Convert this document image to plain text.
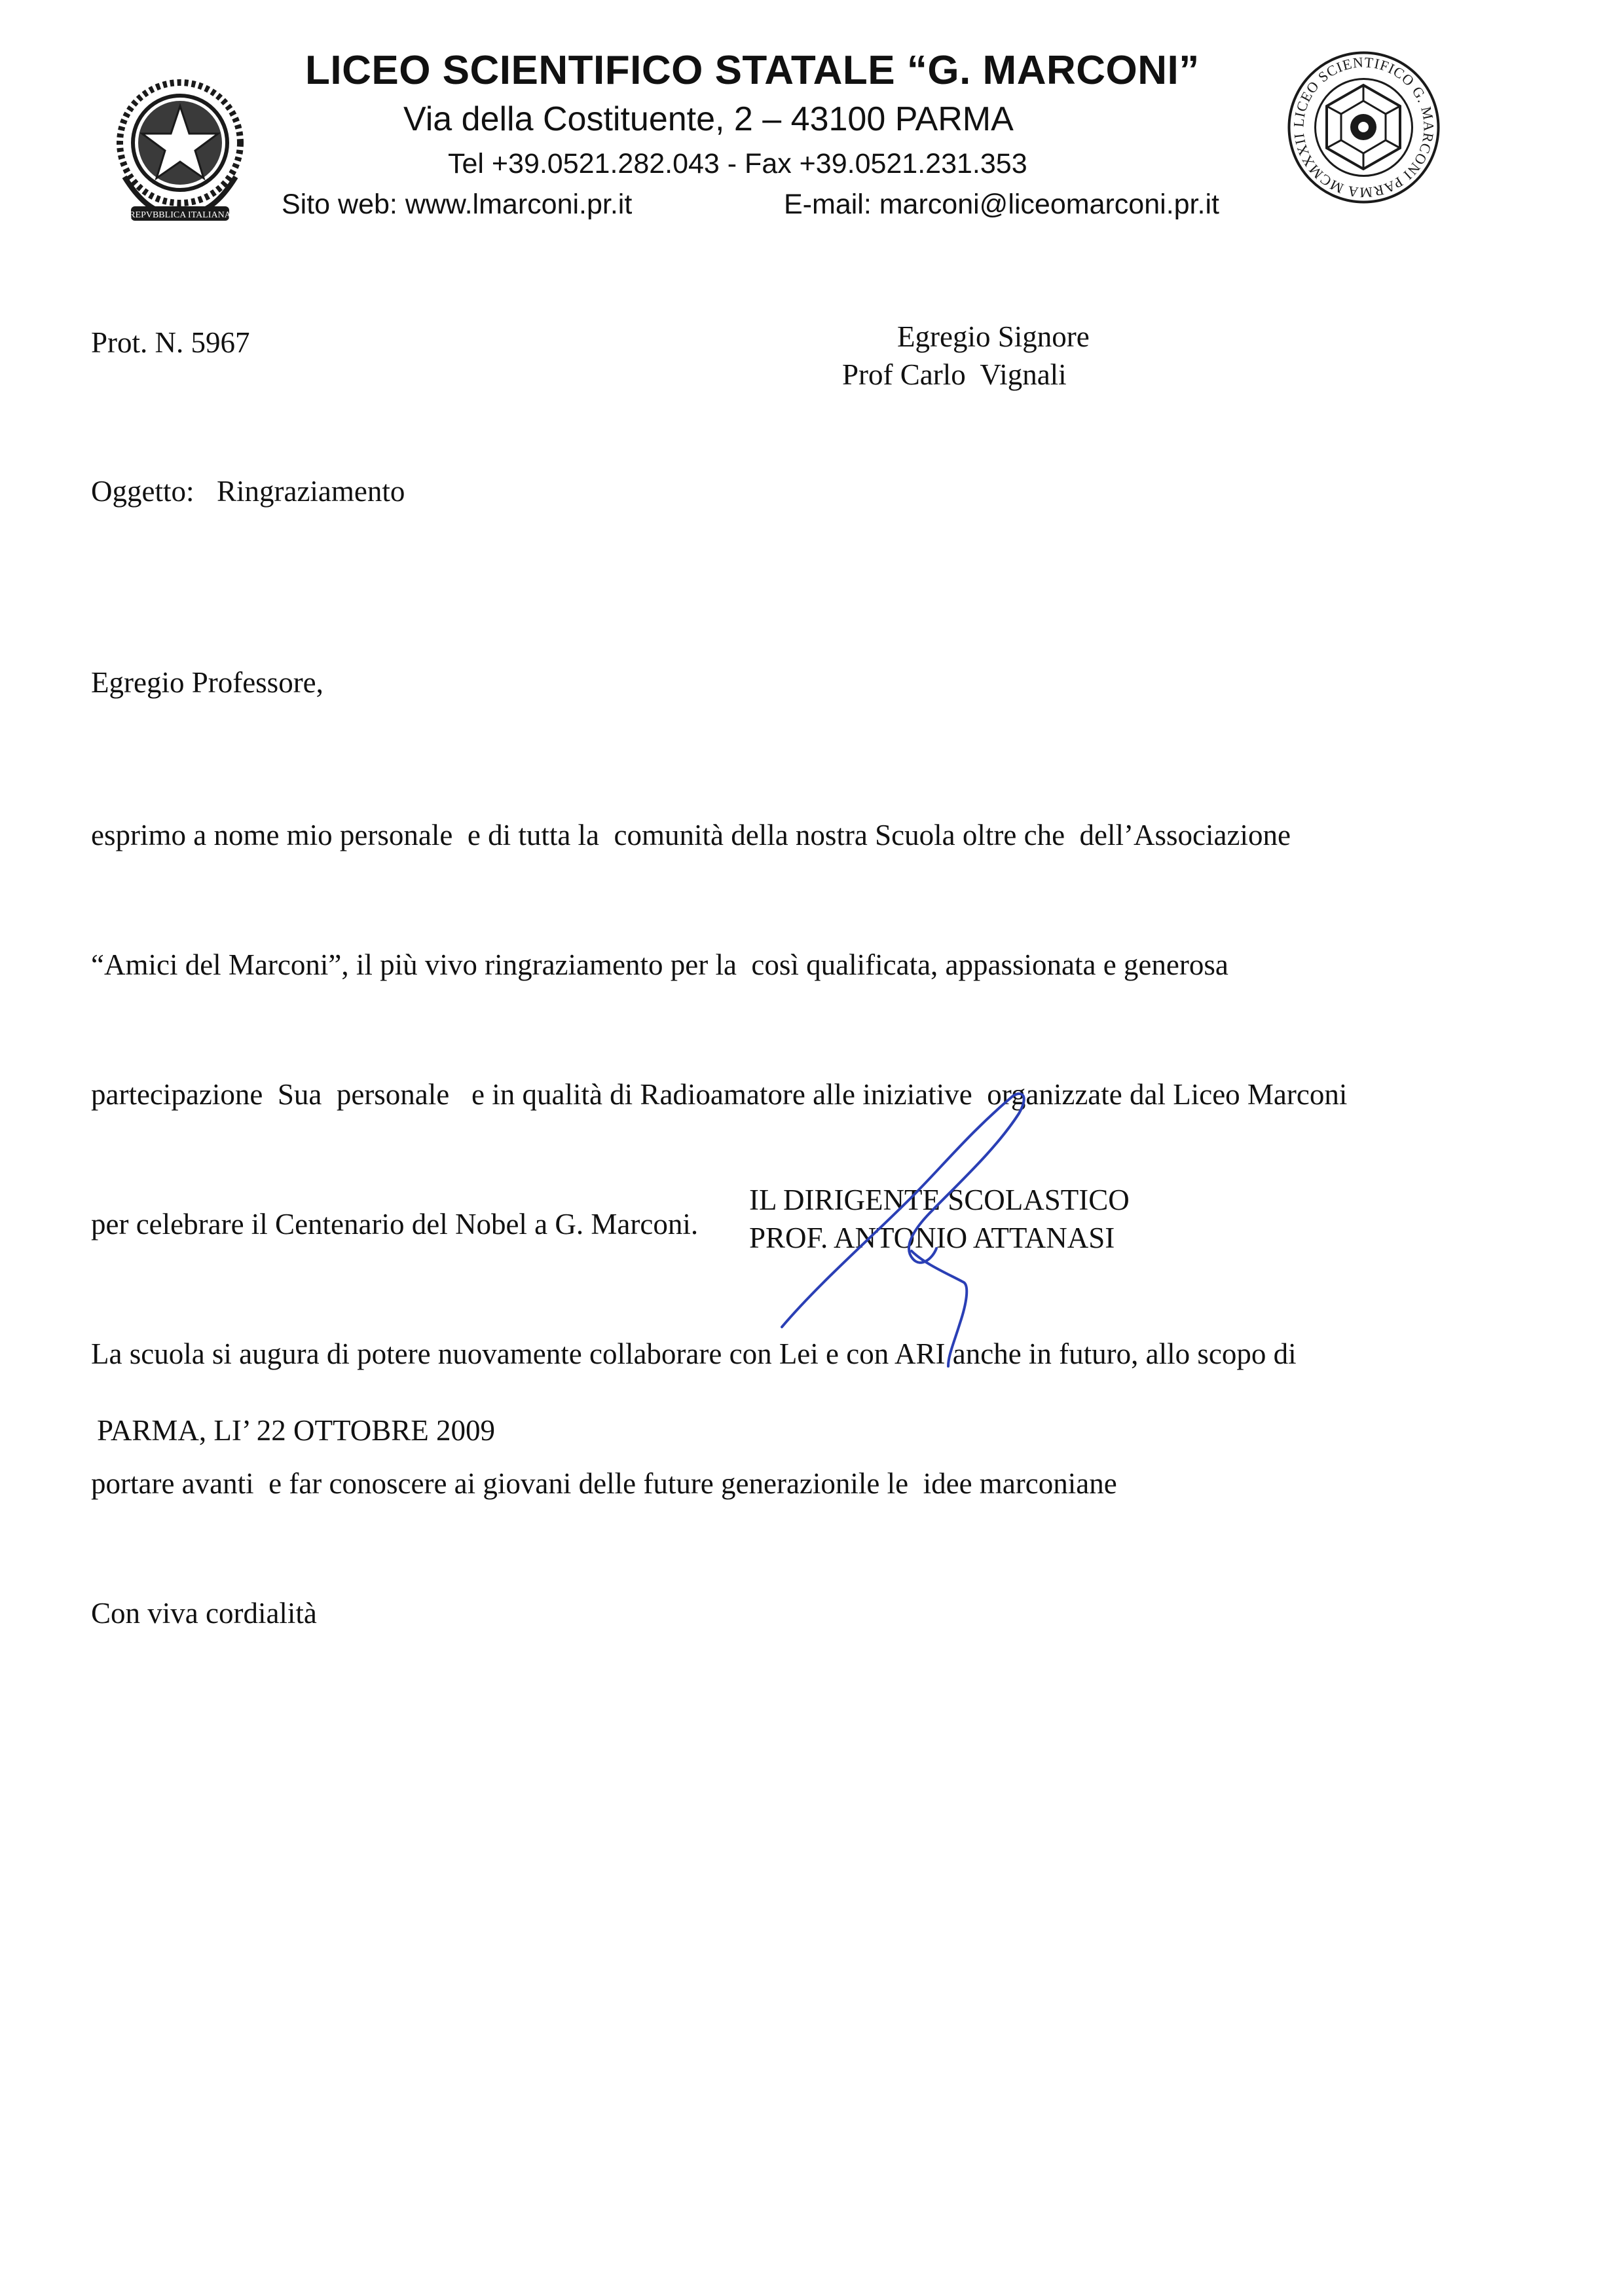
REPVBBLICA ITALIANA
LICEO SCIENTIFICO STATALE “G. MARCONI”
Via della Costituente, 2 – 43100 PARMA
Tel +39.0521.282.043 - Fax +39.0521.231.353
Sito web: www.lmarconi.pr.it	E-mail: marconi@liceomarconi.pr.it
LICEO SCIENTIFICO G. MARCONI PARMA MCMXXII
Prot. N. 5967	Egregio Signore
Prof Carlo  Vignali
Oggetto: Ringraziamento
Egregio Professore,

esprimo a nome mio personale  e di tutta la  comunità della nostra Scuola oltre che  dell’Associazione

“Amici del Marconi”, il più vivo ringraziamento per la  così qualificata, appassionata e generosa

partecipazione  Sua  personale   e in qualità di Radioamatore alle iniziative  organizzate dal Liceo Marconi

per celebrare il Centenario del Nobel a G. Marconi.

La scuola si augura di potere nuovamente collaborare con Lei e con ARI anche in futuro, allo scopo di

portare avanti  e far conoscere ai giovani delle future generazionile le  idee marconiane

Con viva cordialità

IL DIRIGENTE SCOLASTICO
PROF. ANTONIO ATTANASI
PARMA, LI’ 22 OTTOBRE 2009
